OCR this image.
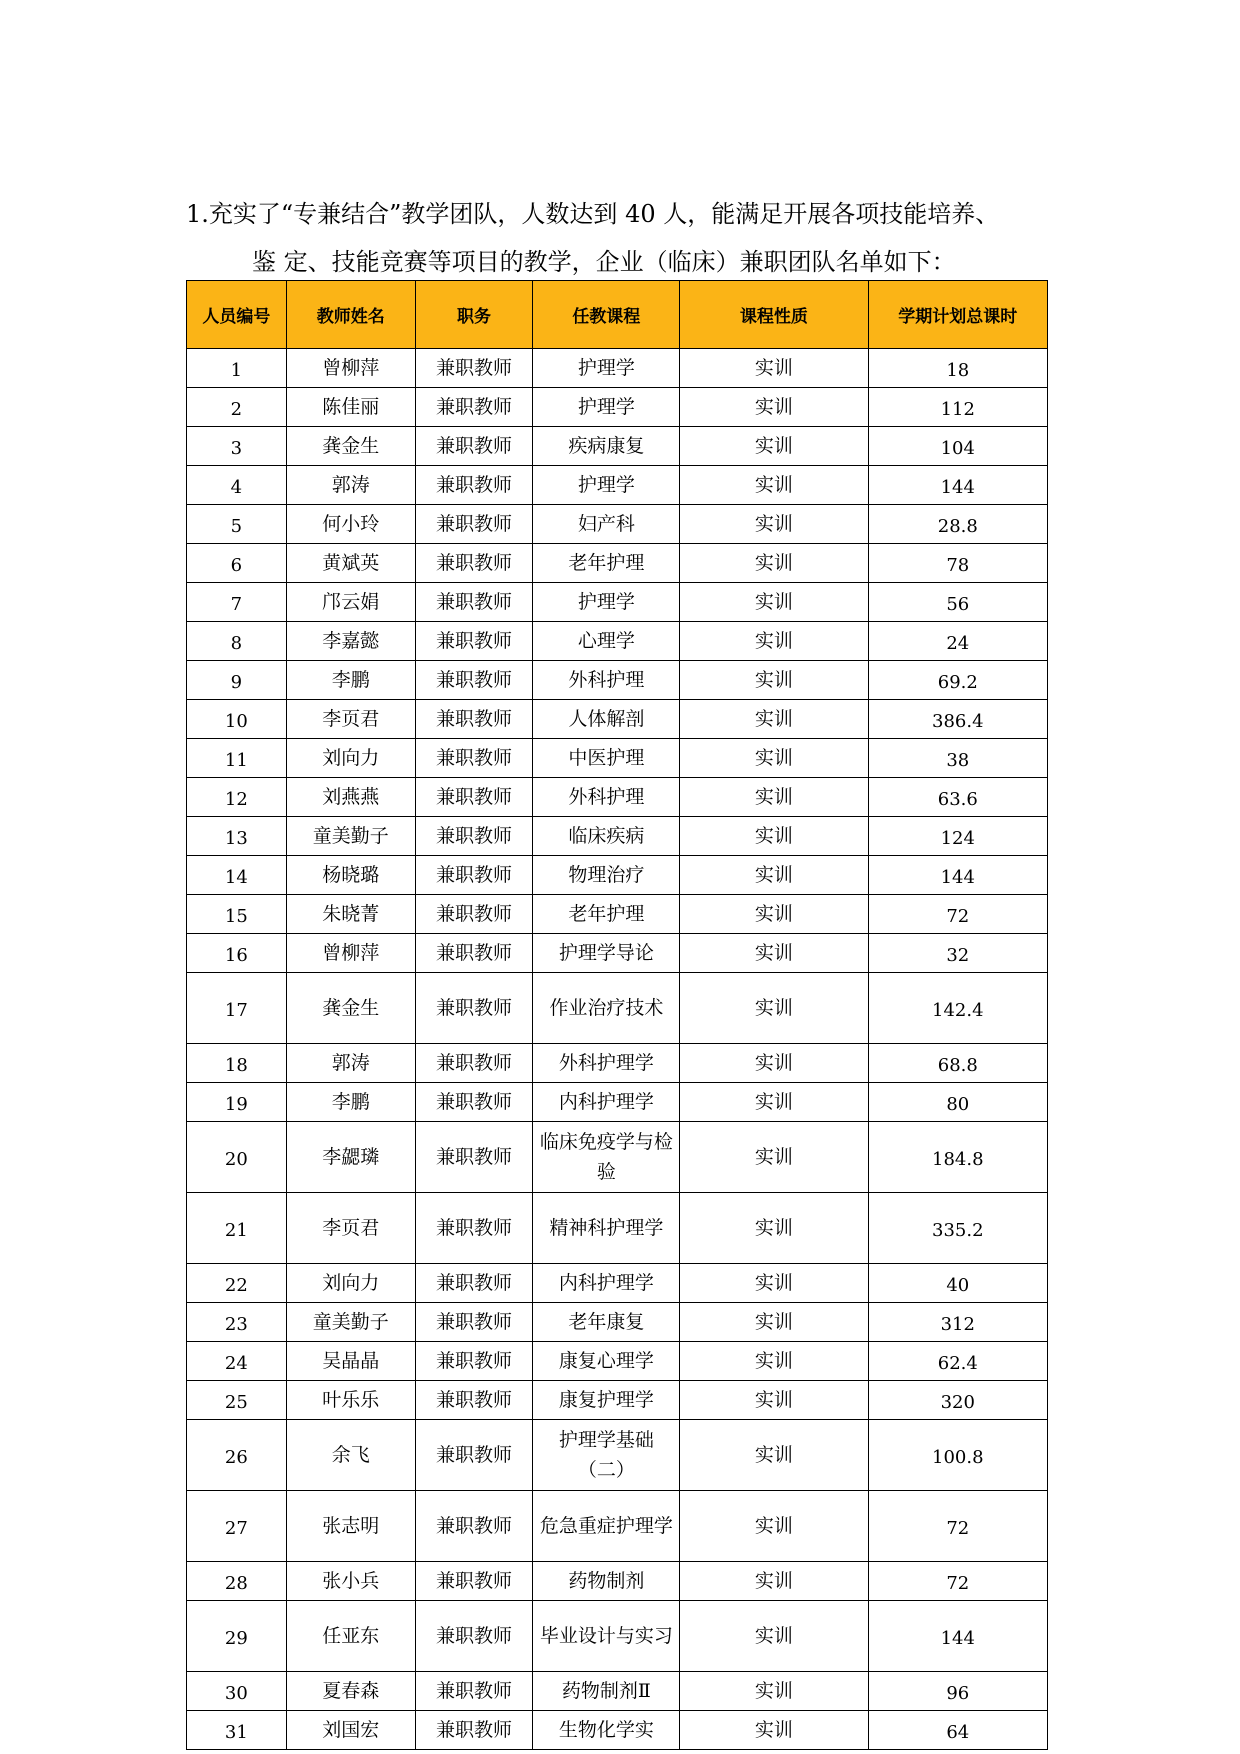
1.充实了“专兼结合”教学团队，人数达到 40 人，能满足开展各项技能培养、

鉴 定、技能竞赛等项目的教学，企业（临床）兼职团队名单如下：

人员编号	教师姓名	职务	任教课程	课程性质	学期计划总课时
1	曾柳萍	兼职教师	护理学	实训	18
2	陈佳丽	兼职教师	护理学	实训	112
3	龚金生	兼职教师	疾病康复	实训	104
4	郭涛	兼职教师	护理学	实训	144
5	何小玲	兼职教师	妇产科	实训	28.8
6	黄斌英	兼职教师	老年护理	实训	78
7	邝云娟	兼职教师	护理学	实训	56
8	李嘉懿	兼职教师	心理学	实训	24
9	李鹏	兼职教师	外科护理	实训	69.2
10	李页君	兼职教师	人体解剖	实训	386.4
11	刘向力	兼职教师	中医护理	实训	38
12	刘燕燕	兼职教师	外科护理	实训	63.6
13	童美勤子	兼职教师	临床疾病	实训	124
14	杨晓璐	兼职教师	物理治疗	实训	144
15	朱晓菁	兼职教师	老年护理	实训	72
16	曾柳萍	兼职教师	护理学导论	实训	32
17	龚金生	兼职教师	作业治疗技术	实训	142.4
18	郭涛	兼职教师	外科护理学	实训	68.8
19	李鹏	兼职教师	内科护理学	实训	80
20	李勰璘	兼职教师	临床免疫学与检验	实训	184.8
21	李页君	兼职教师	精神科护理学	实训	335.2
22	刘向力	兼职教师	内科护理学	实训	40
23	童美勤子	兼职教师	老年康复	实训	312
24	吴晶晶	兼职教师	康复心理学	实训	62.4
25	叶乐乐	兼职教师	康复护理学	实训	320
26	余飞	兼职教师	护理学基础（二）	实训	100.8
27	张志明	兼职教师	危急重症护理学	实训	72
28	张小兵	兼职教师	药物制剂	实训	72
29	任亚东	兼职教师	毕业设计与实习	实训	144
30	夏春森	兼职教师	药物制剂Ⅱ	实训	96
31	刘国宏	兼职教师	生物化学实	实训	64
